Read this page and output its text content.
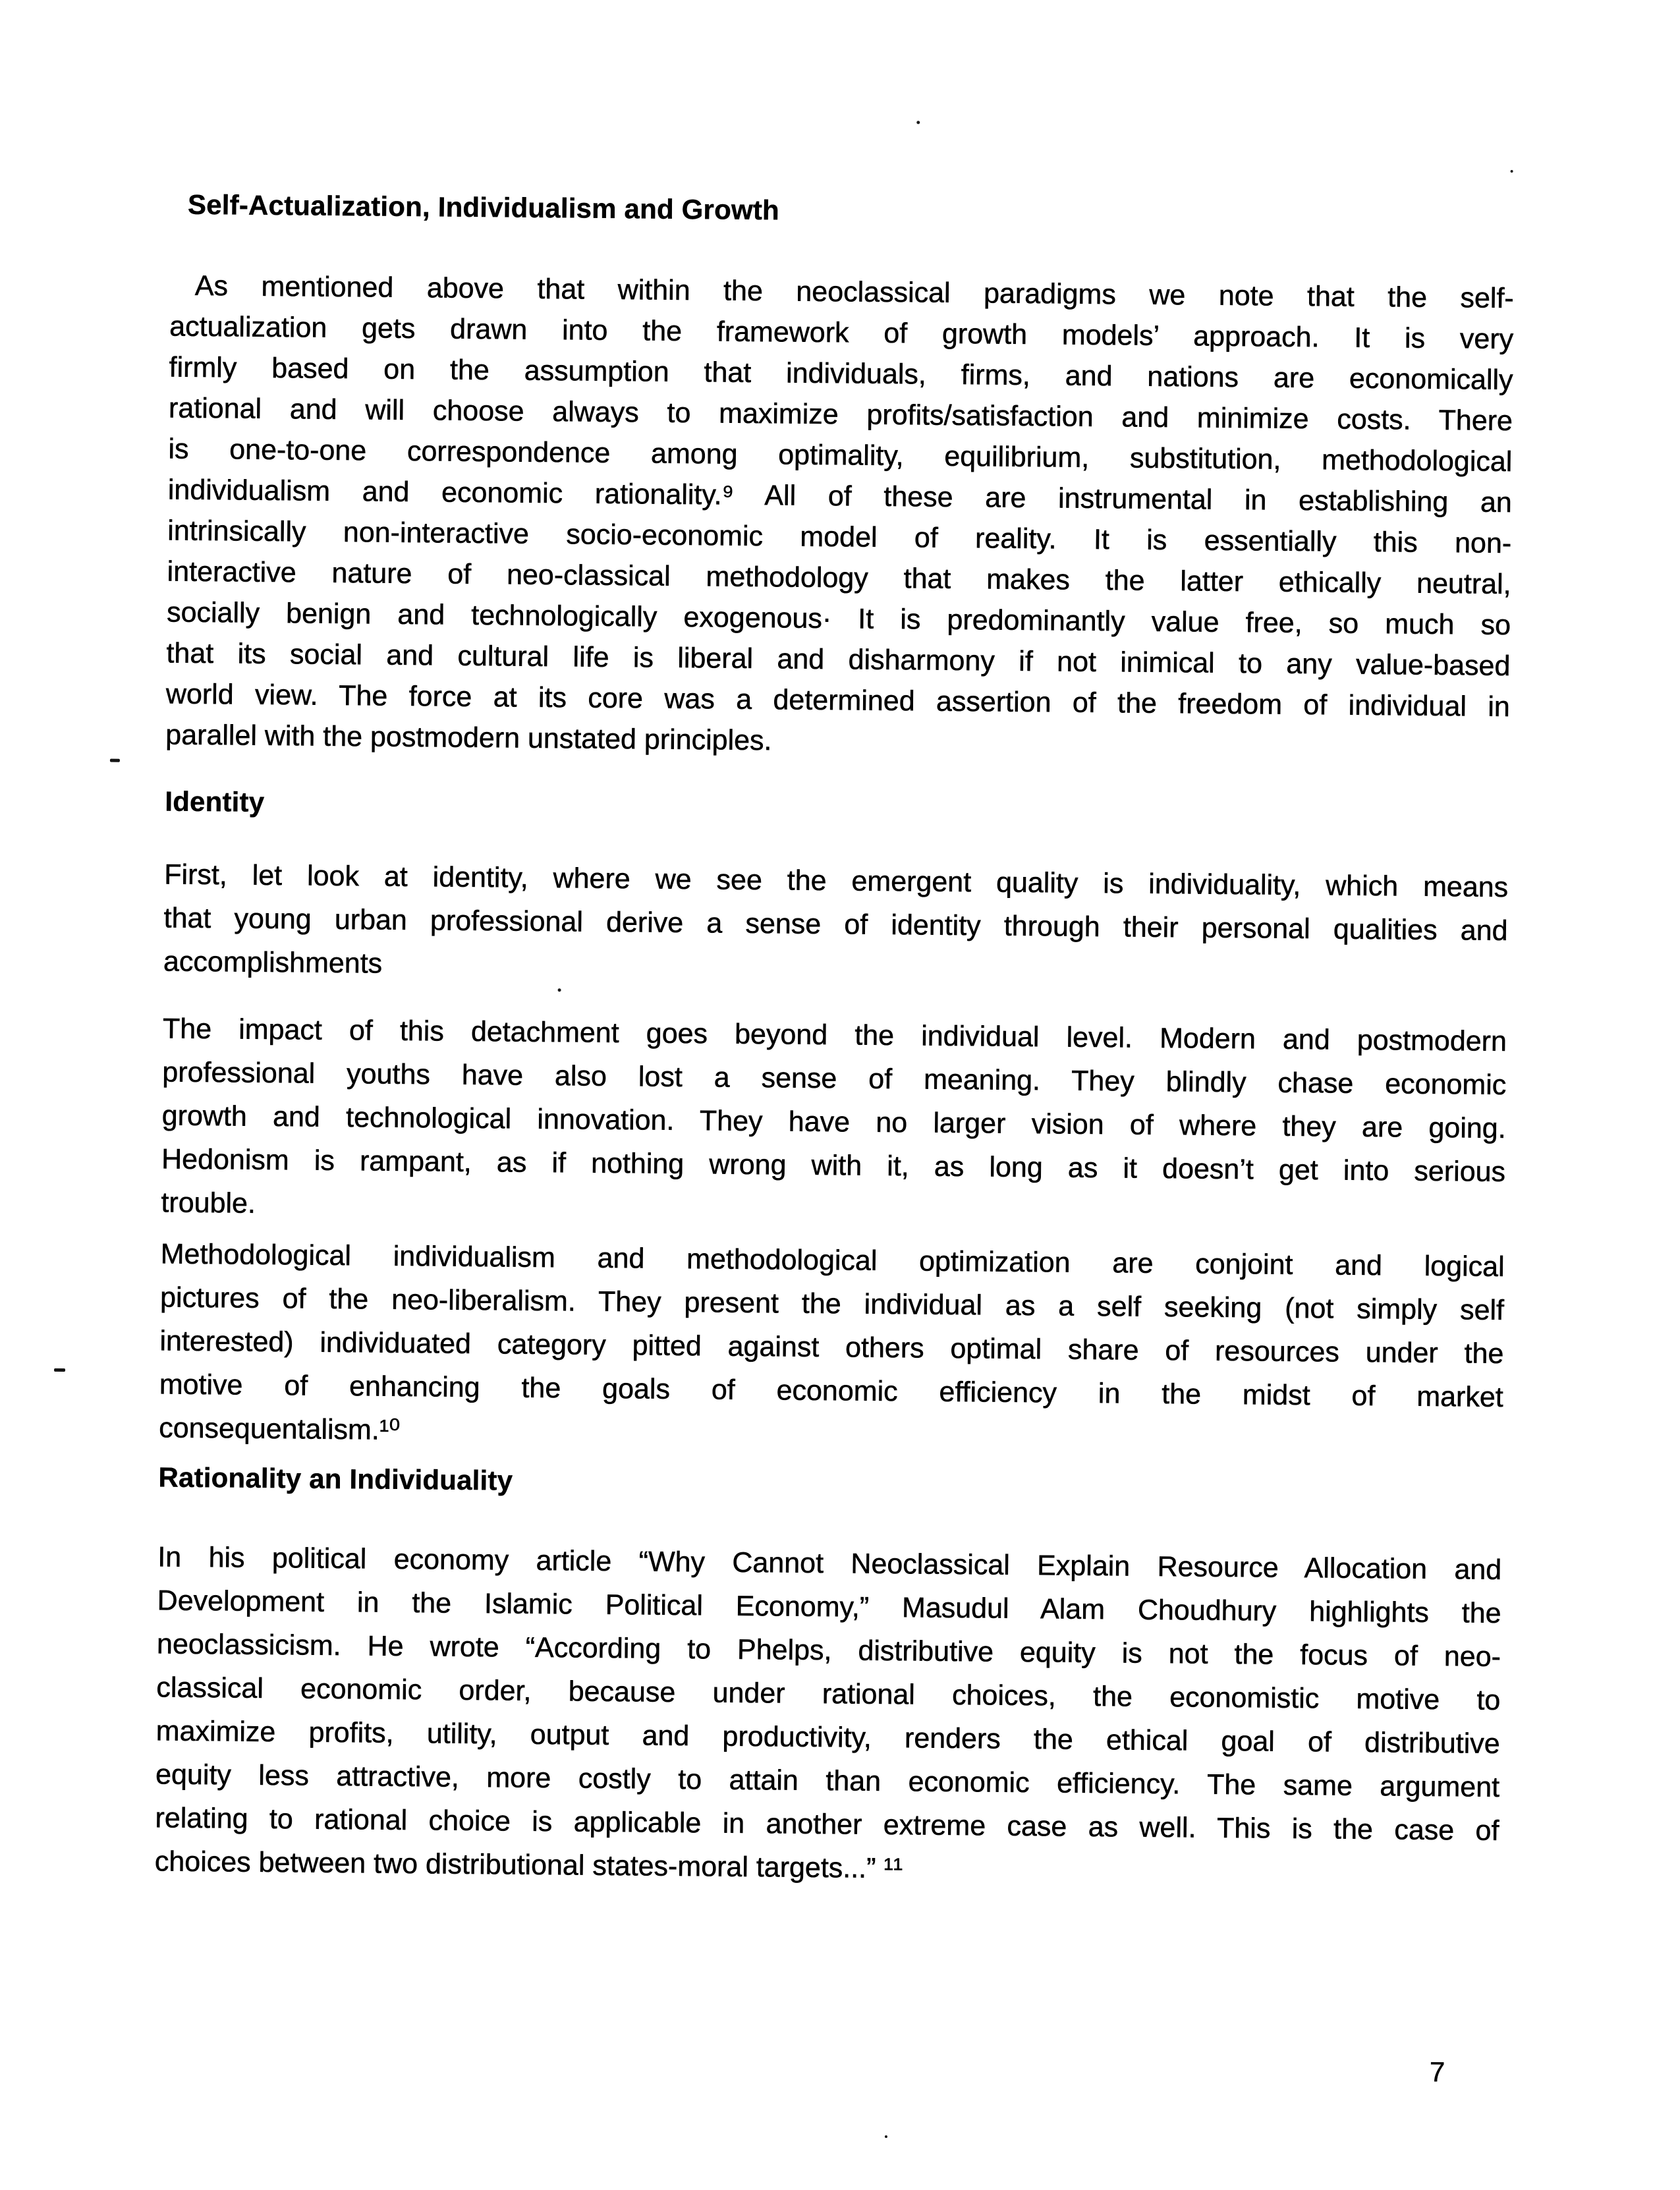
Self-Actualization, Individualism and Growth
As mentioned above that within the neoclassical paradigms we note that the self-
actualization gets drawn into the framework of growth models’ approach. It is very
firmly based on the assumption that individuals, firms, and nations are economically
rational and will choose always to maximize profits/satisfaction and minimize costs. There
is one-to-one correspondence among optimality, equilibrium, substitution, methodological
individualism and economic rationality.⁹ All of these are instrumental in establishing an
intrinsically non-interactive socio-economic model of reality. It is essentially this non-
interactive nature of neo-classical methodology that makes the latter ethically neutral,
socially benign and technologically exogenous· It is predominantly value free, so much so
that its social and cultural life is liberal and disharmony if not inimical to any value-based
world view. The force at its core was a determined assertion of the freedom of individual in
parallel with the postmodern unstated principles.
Identity
First, let look at identity, where we see the emergent quality is individuality, which means
that young urban professional derive a sense of identity through their personal qualities and
accomplishments
The impact of this detachment goes beyond the individual level. Modern and postmodern
professional youths have also lost a sense of meaning. They blindly chase economic
growth and technological innovation. They have no larger vision of where they are going.
Hedonism is rampant, as if nothing wrong with it, as long as it doesn’t get into serious
trouble.
Methodological individualism and methodological optimization are conjoint and logical
pictures of the neo-liberalism. They present the individual as a self seeking (not simply self
interested) individuated category pitted against others optimal share of resources under the
motive of enhancing the goals of economic efficiency in the midst of market
consequentalism.¹⁰
Rationality an Individuality
In his political economy article “Why Cannot Neoclassical Explain Resource Allocation and
Development in the Islamic Political Economy,” Masudul Alam Choudhury highlights the
neoclassicism. He wrote “According to Phelps, distributive equity is not the focus of neo-
classical economic order, because under rational choices, the economistic motive to
maximize profits, utility, output and productivity, renders the ethical goal of distributive
equity less attractive, more costly to attain than economic efficiency. The same argument
relating to rational choice is applicable in another extreme case as well. This is the case of
choices between two distributional states-moral targets...” ¹¹
7
